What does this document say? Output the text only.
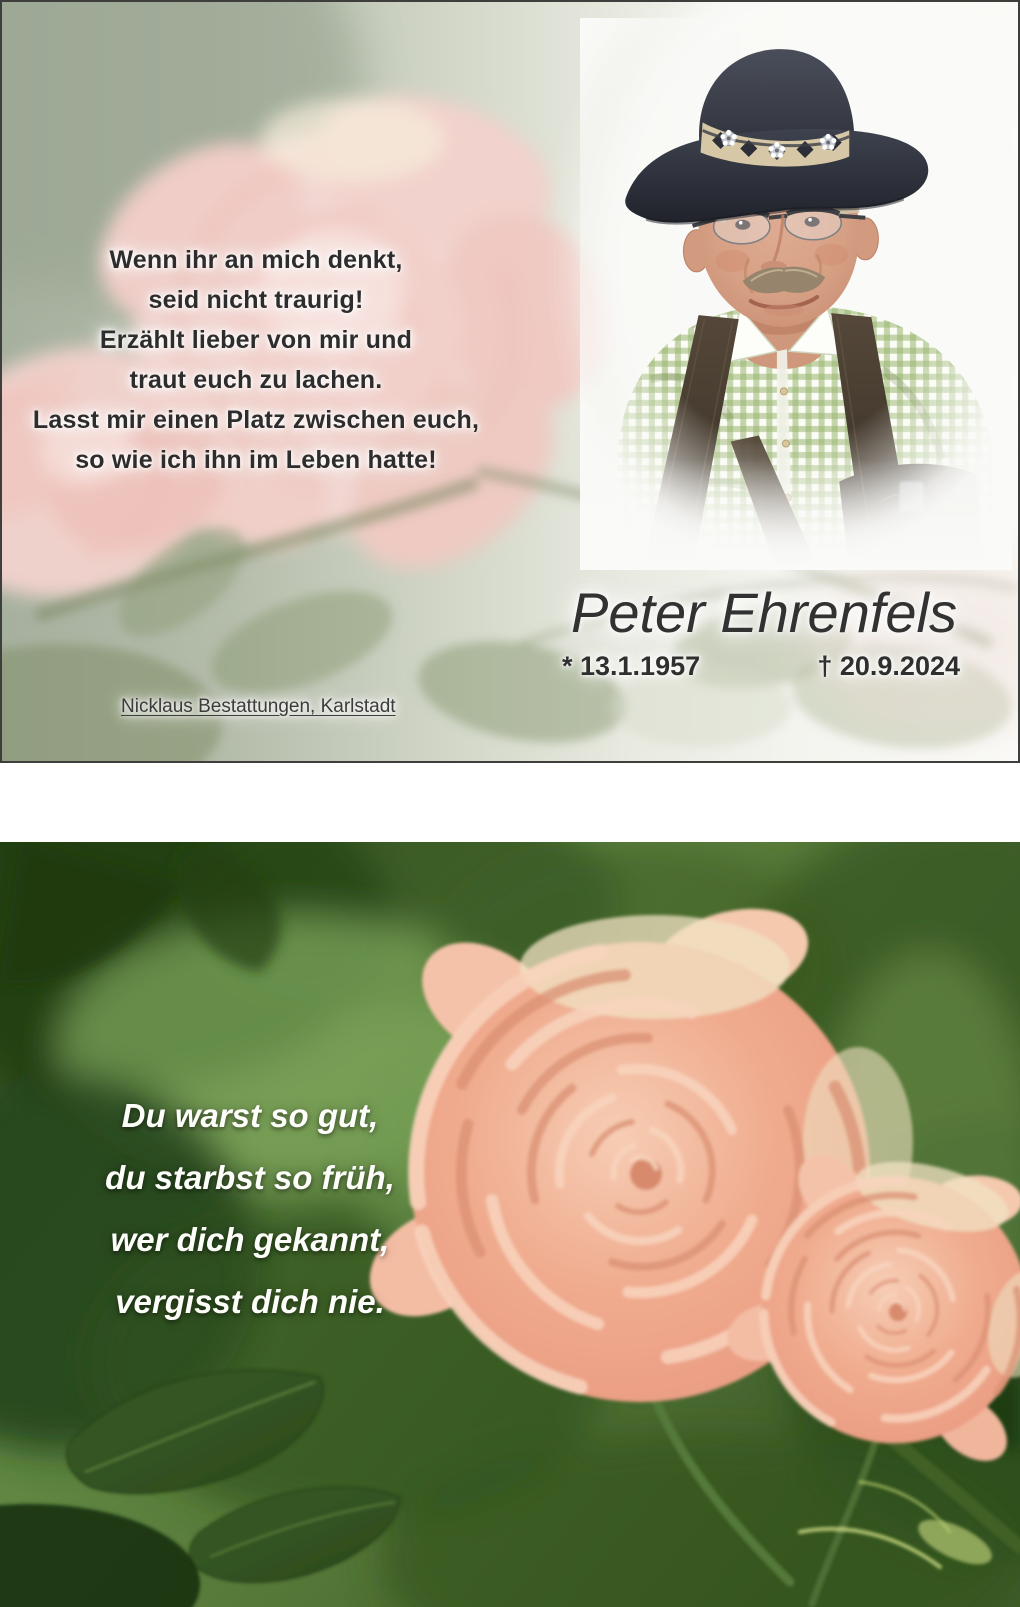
Wenn ihr an mich denkt,
seid nicht traurig!
Erzählt lieber von mir und
traut euch zu lachen.
Lasst mir einen Platz zwischen euch,
so wie ich ihn im Leben hatte!
Peter Ehrenfels
* 13.1.1957	† 20.9.2024
Nicklaus Bestattungen, Karlstadt
Du warst so gut,
du starbst so früh,
wer dich gekannt,
vergisst dich nie.
